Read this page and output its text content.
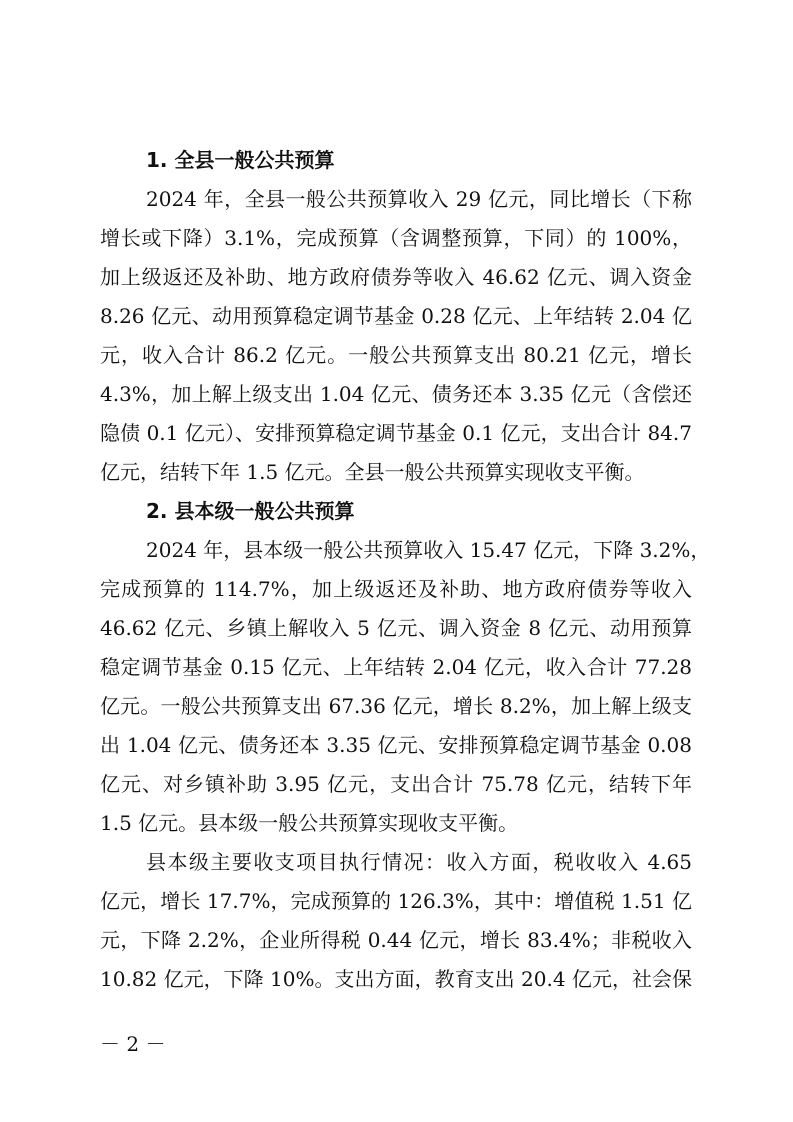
1. 全县一般公共预算

2024 年，全县一般公共预算收入 29 亿元，同比增长（下称

增长或下降）3.1%，完成预算（含调整预算，下同）的 100%，

加上级返还及补助、地方政府债券等收入 46.62 亿元、调入资金

8.26 亿元、动用预算稳定调节基金 0.28 亿元、上年结转 2.04 亿

元，收入合计 86.2 亿元。一般公共预算支出 80.21 亿元，增长

4.3%，加上解上级支出 1.04 亿元、债务还本 3.35 亿元（含偿还

隐债 0.1 亿元）、安排预算稳定调节基金 0.1 亿元，支出合计 84.7

亿元，结转下年 1.5 亿元。全县一般公共预算实现收支平衡。

2. 县本级一般公共预算

2024 年，县本级一般公共预算收入 15.47 亿元，下降 3.2%，

完成预算的 114.7%，加上级返还及补助、地方政府债券等收入

46.62 亿元、乡镇上解收入 5 亿元、调入资金 8 亿元、动用预算

稳定调节基金 0.15 亿元、上年结转 2.04 亿元，收入合计 77.28

亿元。一般公共预算支出 67.36 亿元，增长 8.2%，加上解上级支

出 1.04 亿元、债务还本 3.35 亿元、安排预算稳定调节基金 0.08

亿元、对乡镇补助 3.95 亿元，支出合计 75.78 亿元，结转下年

1.5 亿元。县本级一般公共预算实现收支平衡。

县本级主要收支项目执行情况：收入方面，税收收入 4.65

亿元，增长 17.7%，完成预算的 126.3%，其中：增值税 1.51 亿

元，下降 2.2%，企业所得税 0.44 亿元，增长 83.4%；非税收入

10.82 亿元，下降 10%。支出方面，教育支出 20.4 亿元，社会保

－ 2 －
